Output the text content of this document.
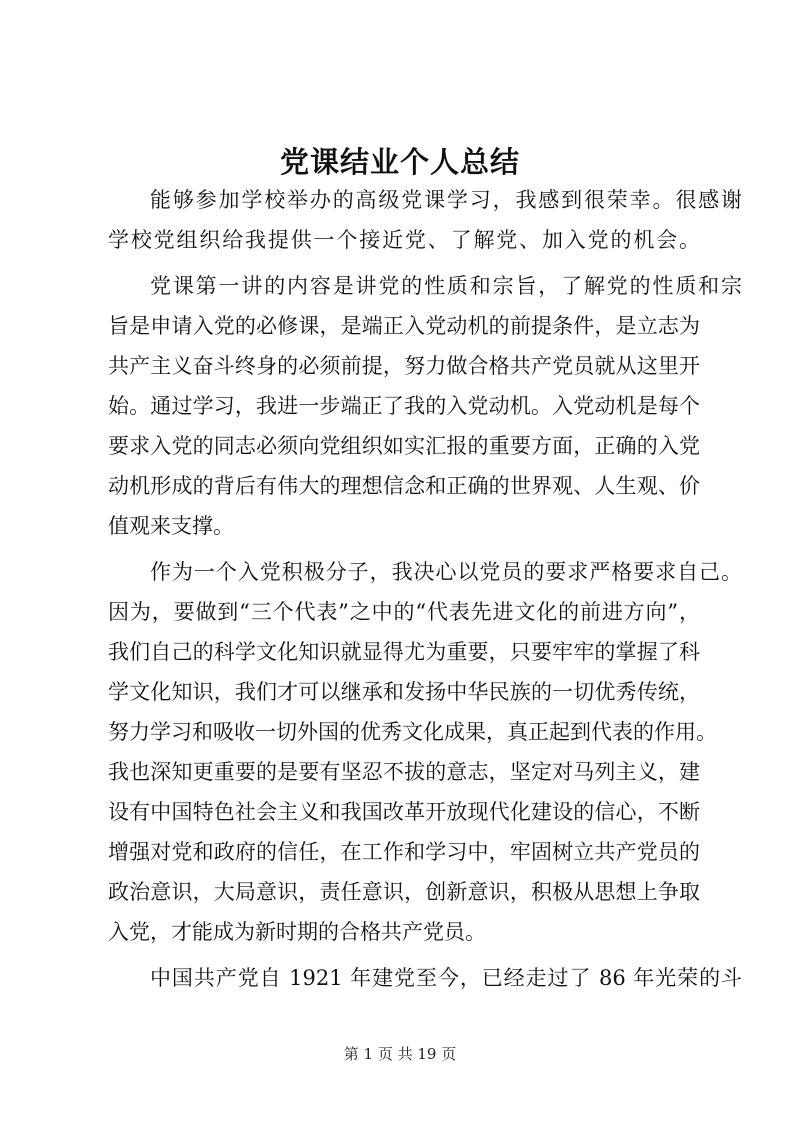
党课结业个人总结
能够参加学校举办的高级党课学习，我感到很荣幸。很感谢
学校党组织给我提供一个接近党、了解党、加入党的机会。
党课第一讲的内容是讲党的性质和宗旨，了解党的性质和宗
旨是申请入党的必修课，是端正入党动机的前提条件，是立志为
共产主义奋斗终身的必须前提，努力做合格共产党员就从这里开
始。通过学习，我进一步端正了我的入党动机。入党动机是每个
要求入党的同志必须向党组织如实汇报的重要方面，正确的入党
动机形成的背后有伟大的理想信念和正确的世界观、人生观、价
值观来支撑。
作为一个入党积极分子，我决心以党员的要求严格要求自己。
因为，要做到“三个代表”之中的“代表先进文化的前进方向”，
我们自己的科学文化知识就显得尤为重要，只要牢牢的掌握了科
学文化知识，我们才可以继承和发扬中华民族的一切优秀传统，
努力学习和吸收一切外国的优秀文化成果，真正起到代表的作用。
我也深知更重要的是要有坚忍不拔的意志，坚定对马列主义，建
设有中国特色社会主义和我国改革开放现代化建设的信心，不断
增强对党和政府的信任，在工作和学习中，牢固树立共产党员的
政治意识，大局意识，责任意识，创新意识，积极从思想上争取
入党，才能成为新时期的合格共产党员。
中国共产党自 1921 年建党至今，已经走过了 86 年光荣的斗
第 1 页 共 19 页
